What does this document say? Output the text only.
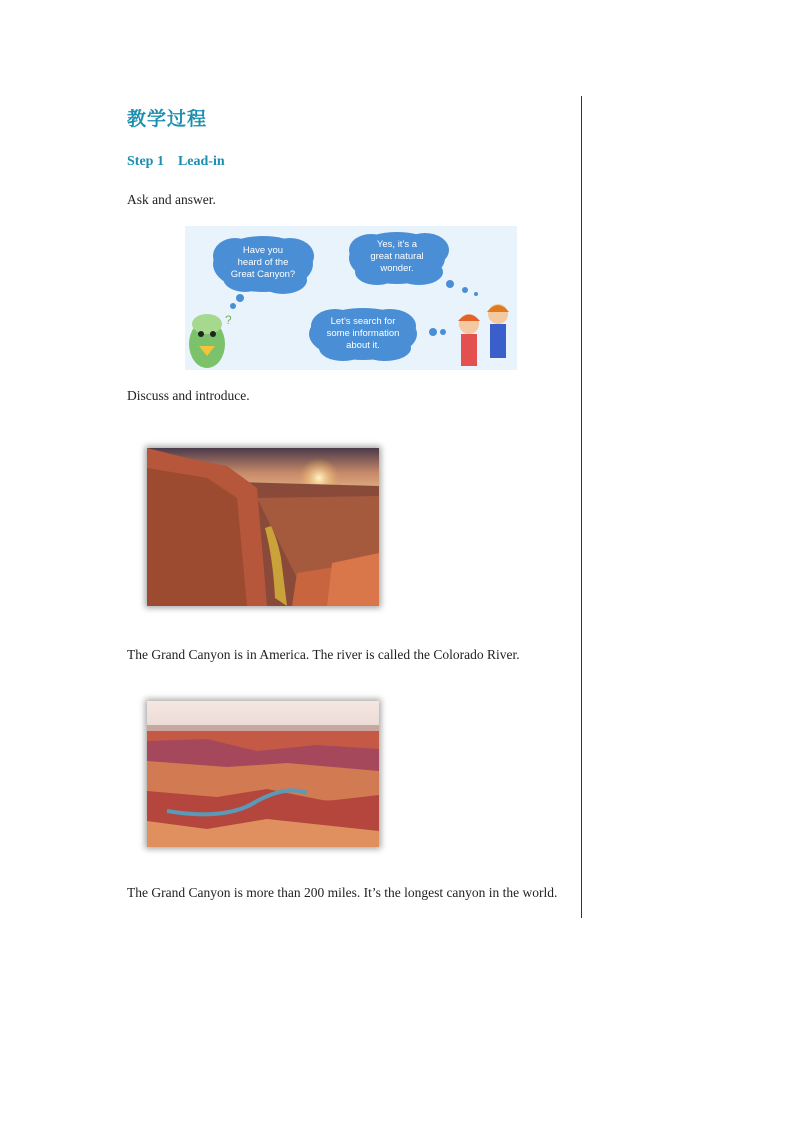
教学过程
Step 1 Lead-in
Ask and answer.
?
Have you
heard of the
Great Canyon?
Yes, it’s a
great natural
wonder.
Let’s search for
some information
about it.
Discuss and introduce.
The Grand Canyon is in America. The river is called the Colorado River.
The Grand Canyon is more than 200 miles. It’s the longest canyon in the world.
